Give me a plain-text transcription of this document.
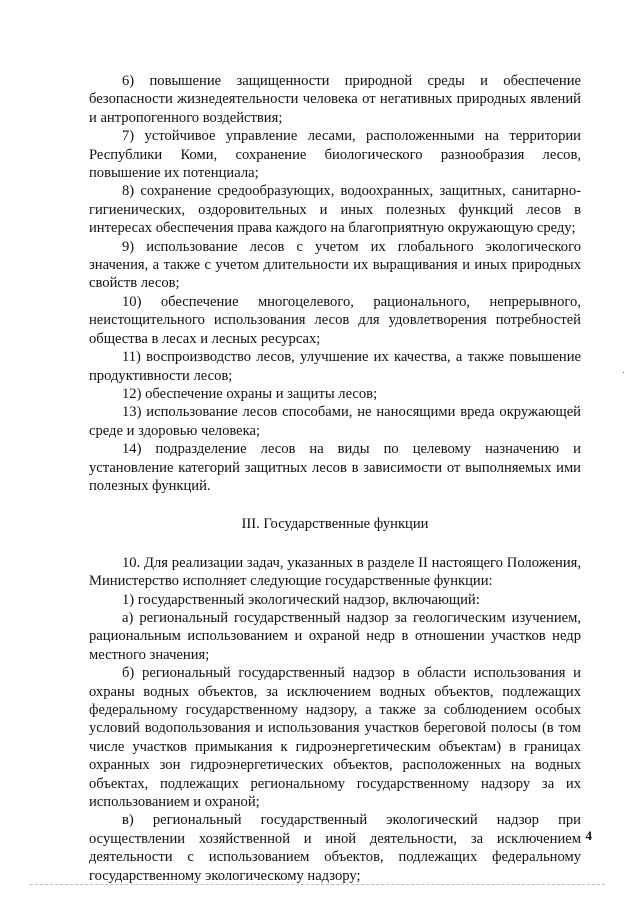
6) повышение защищенности природной среды и обеспечение безопасности жизнедеятельности человека от негативных природных явлений и антропогенного воздействия;

7) устойчивое управление лесами, расположенными на территории Республики Коми, сохранение биологического разнообразия лесов, повышение их потенциала;

8) сохранение средообразующих, водоохранных, защитных, санитарно-гигиенических, оздоровительных и иных полезных функций лесов в интересах обеспечения права каждого на благоприятную окружающую среду;

9) использование лесов с учетом их глобального экологического значения, а также с учетом длительности их выращивания и иных природных свойств лесов;

10) обеспечение многоцелевого, рационального, непрерывного, неистощительного использования лесов для удовлетворения потребностей общества в лесах и лесных ресурсах;

11) воспроизводство лесов, улучшение их качества, а также повышение продуктивности лесов;

12) обеспечение охраны и защиты лесов;

13) использование лесов способами, не наносящими вреда окружающей среде и здоровью человека;

14) подразделение лесов на виды по целевому назначению и установление категорий защитных лесов в зависимости от выполняемых ими полезных функций.

III. Государственные функции

10. Для реализации задач, указанных в разделе II настоящего Положения, Министерство исполняет следующие государственные функции:

1) государственный экологический надзор, включающий:

а) региональный государственный надзор за геологическим изучением, рациональным использованием и охраной недр в отношении участков недр местного значения;

б) региональный государственный надзор в области использования и охраны водных объектов, за исключением водных объектов, подлежащих федеральному государственному надзору, а также за соблюдением особых условий водопользования и использования участков береговой полосы (в том числе участков примыкания к гидроэнергетическим объектам) в границах охранных зон гидроэнергетических объектов, расположенных на водных объектах, подлежащих региональному государственному надзору за их использованием и охраной;

в) региональный государственный экологический надзор при осуществлении хозяйственной и иной деятельности, за исключением деятельности с использованием объектов, подлежащих федеральному государственному экологическому надзору;

·
4
